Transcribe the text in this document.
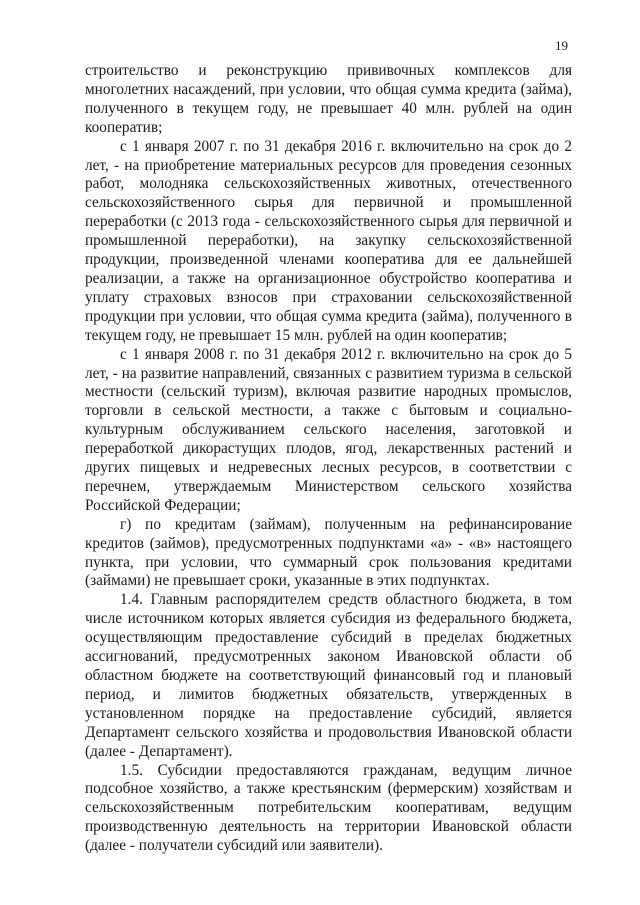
19

строительство и реконструкцию прививочных комплексов для многолетних насаждений, при условии, что общая сумма кредита (займа), полученного в текущем году, не превышает 40 млн. рублей на один кооператив;

с 1 января 2007 г. по 31 декабря 2016 г. включительно на срок до 2 лет, - на приобретение материальных ресурсов для проведения сезонных работ, молодняка сельскохозяйственных животных, отечественного сельскохозяйственного сырья для первичной и промышленной переработки (с 2013 года - сельскохозяйственного сырья для первичной и промышленной переработки), на закупку сельскохозяйственной продукции, произведенной членами кооператива для ее дальнейшей реализации, а также на организационное обустройство кооператива и уплату страховых взносов при страховании сельскохозяйственной продукции при условии, что общая сумма кредита (займа), полученного в текущем году, не превышает 15 млн. рублей на один кооператив;

с 1 января 2008 г. по 31 декабря 2012 г. включительно на срок до 5 лет, - на развитие направлений, связанных с развитием туризма в сельской местности (сельский туризм), включая развитие народных промыслов, торговли в сельской местности, а также с бытовым и социально-культурным обслуживанием сельского населения, заготовкой и переработкой дикорастущих плодов, ягод, лекарственных растений и других пищевых и недревесных лесных ресурсов, в соответствии с перечнем, утверждаемым Министерством сельского хозяйства Российской Федерации;

г) по кредитам (займам), полученным на рефинансирование кредитов (займов), предусмотренных подпунктами «а» - «в» настоящего пункта, при условии, что суммарный срок пользования кредитами (займами) не превышает сроки, указанные в этих подпунктах.

1.4. Главным распорядителем средств областного бюджета, в том числе источником которых является субсидия из федерального бюджета, осуществляющим предоставление субсидий в пределах бюджетных ассигнований, предусмотренных законом Ивановской области об областном бюджете на соответствующий финансовый год и плановый период, и лимитов бюджетных обязательств, утвержденных в установленном порядке на предоставление субсидий, является Департамент сельского хозяйства и продовольствия Ивановской области (далее - Департамент).

1.5. Субсидии предоставляются гражданам, ведущим личное подсобное хозяйство, а также крестьянским (фермерским) хозяйствам и сельскохозяйственным потребительским кооперативам, ведущим производственную деятельность на территории Ивановской области (далее - получатели субсидий или заявители).
